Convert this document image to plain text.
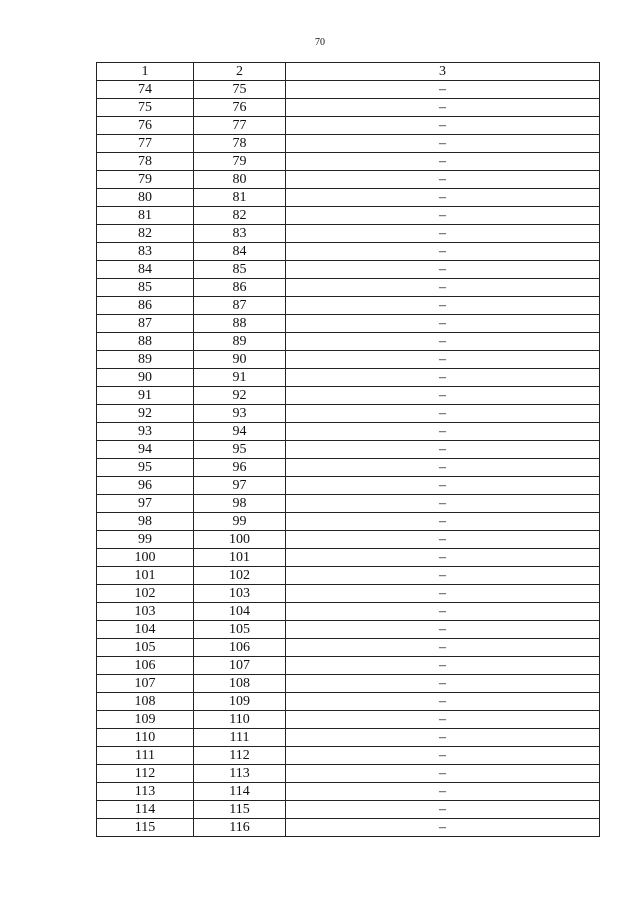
70
1	2	3
74	75	–
75	76	–
76	77	–
77	78	–
78	79	–
79	80	–
80	81	–
81	82	–
82	83	–
83	84	–
84	85	–
85	86	–
86	87	–
87	88	–
88	89	–
89	90	–
90	91	–
91	92	–
92	93	–
93	94	–
94	95	–
95	96	–
96	97	–
97	98	–
98	99	–
99	100	–
100	101	–
101	102	–
102	103	–
103	104	–
104	105	–
105	106	–
106	107	–
107	108	–
108	109	–
109	110	–
110	111	–
111	112	–
112	113	–
113	114	–
114	115	–
115	116	–
